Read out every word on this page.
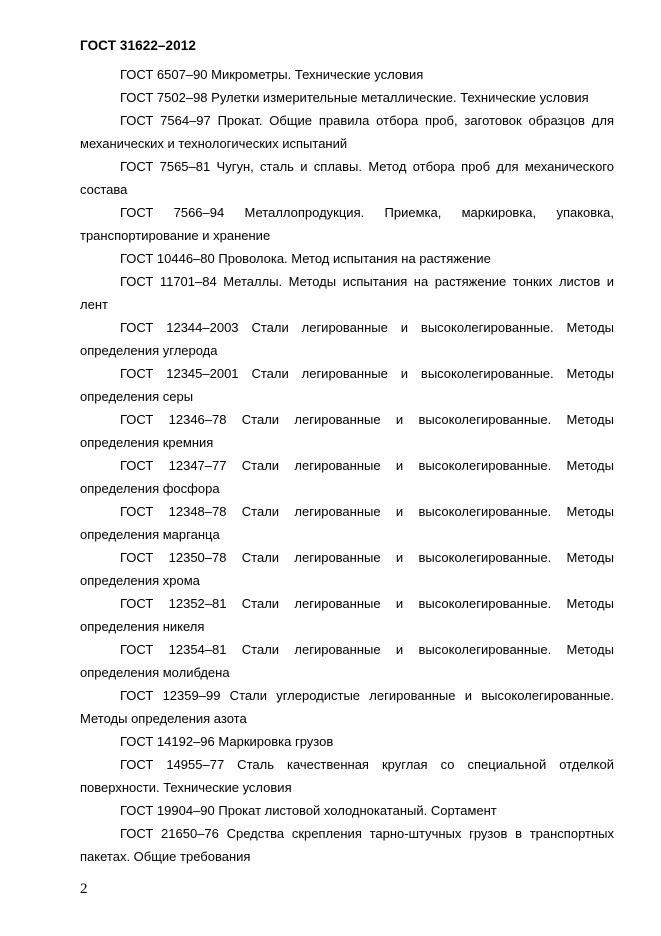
ГОСТ 31622–2012

ГОСТ 6507–90 Микрометры. Технические условия

ГОСТ 7502–98 Рулетки измерительные металлические. Технические условия

ГОСТ 7564–97 Прокат. Общие правила отбора проб, заготовок образцов для механических и технологических испытаний

ГОСТ 7565–81 Чугун, сталь и сплавы. Метод отбора проб для механического состава

ГОСТ 7566–94 Металлопродукция. Приемка, маркировка, упаковка, транспортирование и хранение

ГОСТ 10446–80 Проволока. Метод испытания на растяжение

ГОСТ 11701–84 Металлы. Методы испытания на растяжение тонких листов и лент

ГОСТ 12344–2003 Стали легированные и высоколегированные. Методы определения углерода

ГОСТ 12345–2001 Стали легированные и высоколегированные. Методы определения серы

ГОСТ 12346–78 Стали легированные и высоколегированные. Методы определения кремния

ГОСТ 12347–77 Стали легированные и высоколегированные. Методы определения фосфора

ГОСТ 12348–78 Стали легированные и высоколегированные. Методы определения марганца

ГОСТ 12350–78 Стали легированные и высоколегированные. Методы определения хрома

ГОСТ 12352–81 Стали легированные и высоколегированные. Методы определения никеля

ГОСТ 12354–81 Стали легированные и высоколегированные. Методы определения молибдена

ГОСТ 12359–99 Стали углеродистые легированные и высоколегированные. Методы определения азота

ГОСТ 14192–96 Маркировка грузов

ГОСТ 14955–77 Сталь качественная круглая со специальной отделкой поверхности. Технические условия

ГОСТ 19904–90 Прокат листовой холоднокатаный. Сортамент

ГОСТ 21650–76 Средства скрепления тарно-штучных грузов в транспортных пакетах. Общие требования

2
